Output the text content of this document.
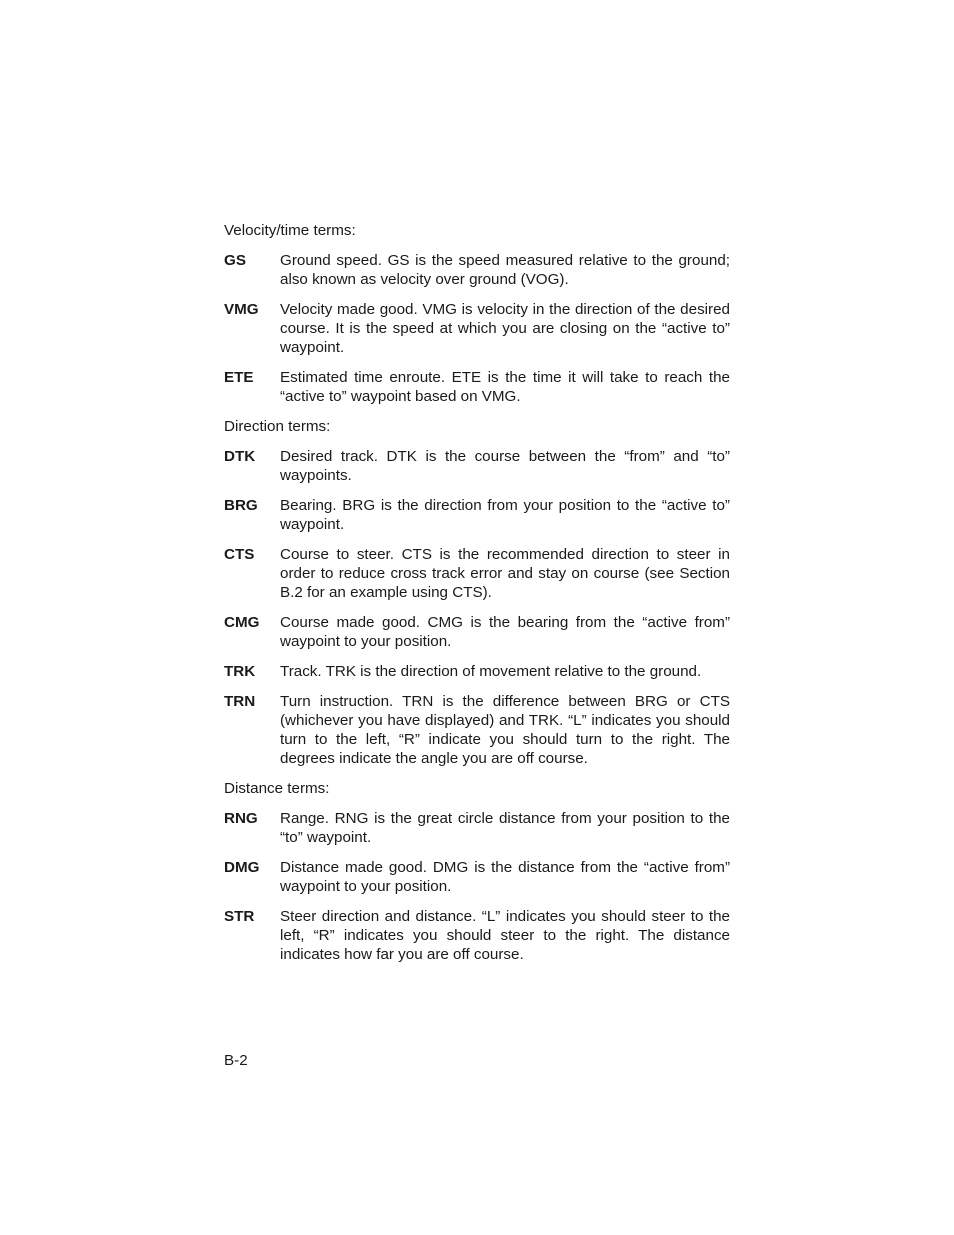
Velocity/time terms:
GS	Ground speed. GS is the speed measured relative to the ground; also known as velocity over ground (VOG).
VMG	Velocity made good. VMG is velocity in the direction of the desired course. It is the speed at which you are closing on the “active to” waypoint.
ETE	Estimated time enroute. ETE is the time it will take to reach the “active to” waypoint based on VMG.
Direction terms:
DTK	Desired track. DTK is the course between the “from” and “to” waypoints.
BRG	Bearing. BRG is the direction from your position to the “active to” waypoint.
CTS	Course to steer. CTS is the recommended direction to steer in order to reduce cross track error and stay on course (see Section B.2 for an example using CTS).
CMG	Course made good. CMG is the bearing from the “active from” waypoint to your position.
TRK	Track. TRK is the direction of movement relative to the ground.
TRN	Turn instruction. TRN is the difference between BRG or CTS (whichever you have displayed) and TRK. “L” indicates you should turn to the left, “R” indicate you should turn to the right. The degrees indicate the angle you are off course.
Distance terms:
RNG	Range. RNG is the great circle distance from your position to the “to” waypoint.
DMG	Distance made good. DMG is the distance from the “active from” waypoint to your position.
STR	Steer direction and distance. “L” indicates you should steer to the left, “R” indicates you should steer to the right. The distance indicates how far you are off course.
B-2
